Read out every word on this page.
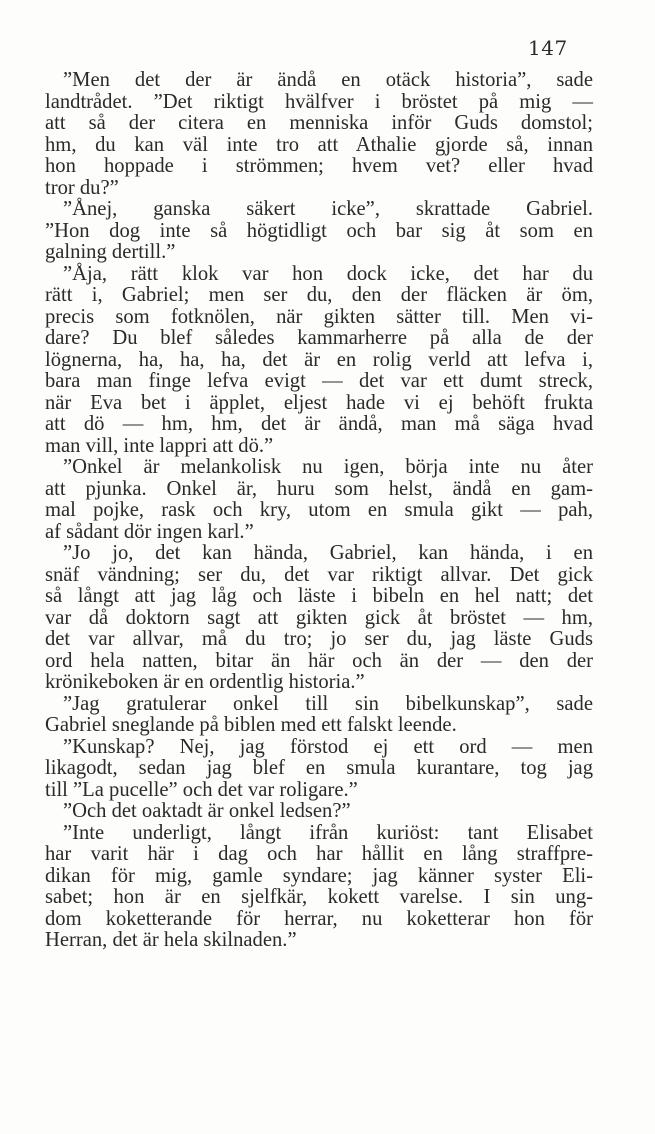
147
”Men det der är ändå en otäck historia”, sade
landtrådet. ”Det riktigt hvälfver i bröstet på mig —
att så der citera en menniska inför Guds domstol;
hm, du kan väl inte tro att Athalie gjorde så, innan
hon hoppade i strömmen; hvem vet? eller hvad
tror du?”
”Ånej, ganska säkert icke”, skrattade Gabriel.
”Hon dog inte så högtidligt och bar sig åt som en
galning dertill.”
”Åja, rätt klok var hon dock icke, det har du
rätt i, Gabriel; men ser du, den der fläcken är öm,
precis som fotknölen, när gikten sätter till. Men vi-
dare? Du blef således kammarherre på alla de der
lögnerna, ha, ha, ha, det är en rolig verld att lefva i,
bara man finge lefva evigt — det var ett dumt streck,
när Eva bet i äpplet, eljest hade vi ej behöft frukta
att dö — hm, hm, det är ändå, man må säga hvad
man vill, inte lappri att dö.”
”Onkel är melankolisk nu igen, börja inte nu åter
att pjunka. Onkel är, huru som helst, ändå en gam-
mal pojke, rask och kry, utom en smula gikt — pah,
af sådant dör ingen karl.”
”Jo jo, det kan hända, Gabriel, kan hända, i en
snäf vändning; ser du, det var riktigt allvar. Det gick
så långt att jag låg och läste i bibeln en hel natt; det
var då doktorn sagt att gikten gick åt bröstet — hm,
det var allvar, må du tro; jo ser du, jag läste Guds
ord hela natten, bitar än här och än der — den der
krönikeboken är en ordentlig historia.”
”Jag gratulerar onkel till sin bibelkunskap”, sade
Gabriel sneglande på biblen med ett falskt leende.
”Kunskap? Nej, jag förstod ej ett ord — men
likagodt, sedan jag blef en smula kurantare, tog jag
till ”La pucelle” och det var roligare.”
”Och det oaktadt är onkel ledsen?”
”Inte underligt, långt ifrån kuriöst: tant Elisabet
har varit här i dag och har hållit en lång straffpre-
dikan för mig, gamle syndare; jag känner syster Eli-
sabet; hon är en sjelfkär, kokett varelse. I sin ung-
dom koketterande för herrar, nu koketterar hon för
Herran, det är hela skilnaden.”
